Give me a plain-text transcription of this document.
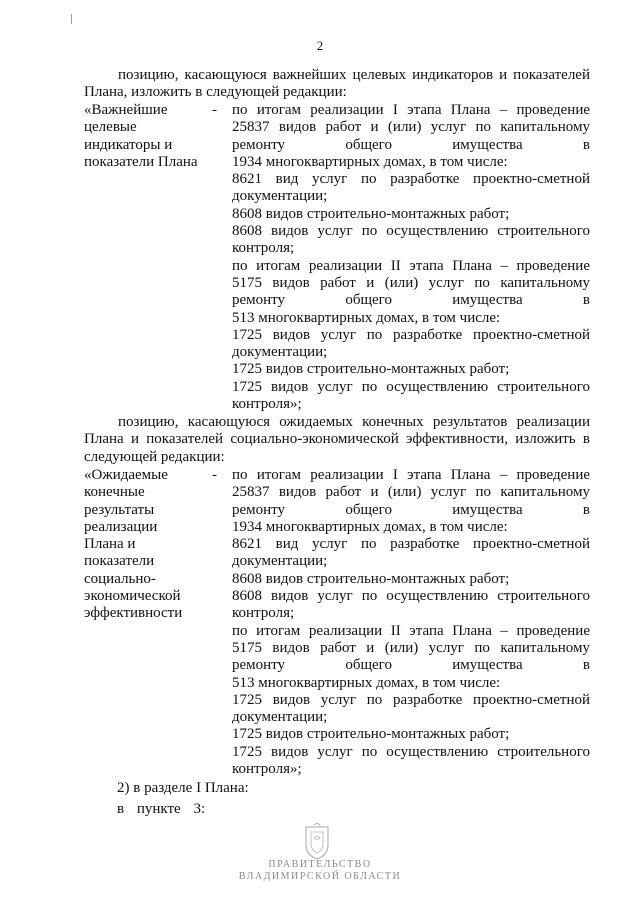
2
позицию, касающуюся важнейших целевых индикаторов и показателей
Плана, изложить в следующей редакции:
«Важнейшие
целевые
индикаторы и
показатели Плана
- по итогам реализации I этапа Плана – проведение
25837 видов работ и (или) услуг по капитальному
ремонту общего имущества в
1934 многоквартирных домах, в том числе:
8621 вид услуг по разработке проектно-сметной
документации;
8608 видов строительно-монтажных работ;
8608 видов услуг по осуществлению строительного
контроля;
по итогам реализации II этапа Плана – проведение
5175 видов работ и (или) услуг по капитальному
ремонту общего имущества в
513 многоквартирных домах, в том числе:
1725 видов услуг по разработке проектно-сметной
документации;
1725 видов строительно-монтажных работ;
1725 видов услуг по осуществлению строительного
контроля»;
позицию, касающуюся ожидаемых конечных результатов реализации
Плана и показателей социально-экономической эффективности, изложить в
следующей редакции:
«Ожидаемые
конечные
результаты
реализации
Плана и
показатели
социально-
экономической
эффективности
- по итогам реализации I этапа Плана – проведение
25837 видов работ и (или) услуг по капитальному
ремонту общего имущества в
1934 многоквартирных домах, в том числе:
8621 вид услуг по разработке проектно-сметной
документации;
8608 видов строительно-монтажных работ;
8608 видов услуг по осуществлению строительного
контроля;
по итогам реализации II этапа Плана – проведение
5175 видов работ и (или) услуг по капитальному
ремонту общего имущества в
513 многоквартирных домах, в том числе:
1725 видов услуг по разработке проектно-сметной
документации;
1725 видов строительно-монтажных работ;
1725 видов услуг по осуществлению строительного
контроля»;
2) в разделе I Плана:
в пункте 3:
ПРАВИТЕЛЬСТВО
ВЛАДИМИРСКОЙ ОБЛАСТИ
